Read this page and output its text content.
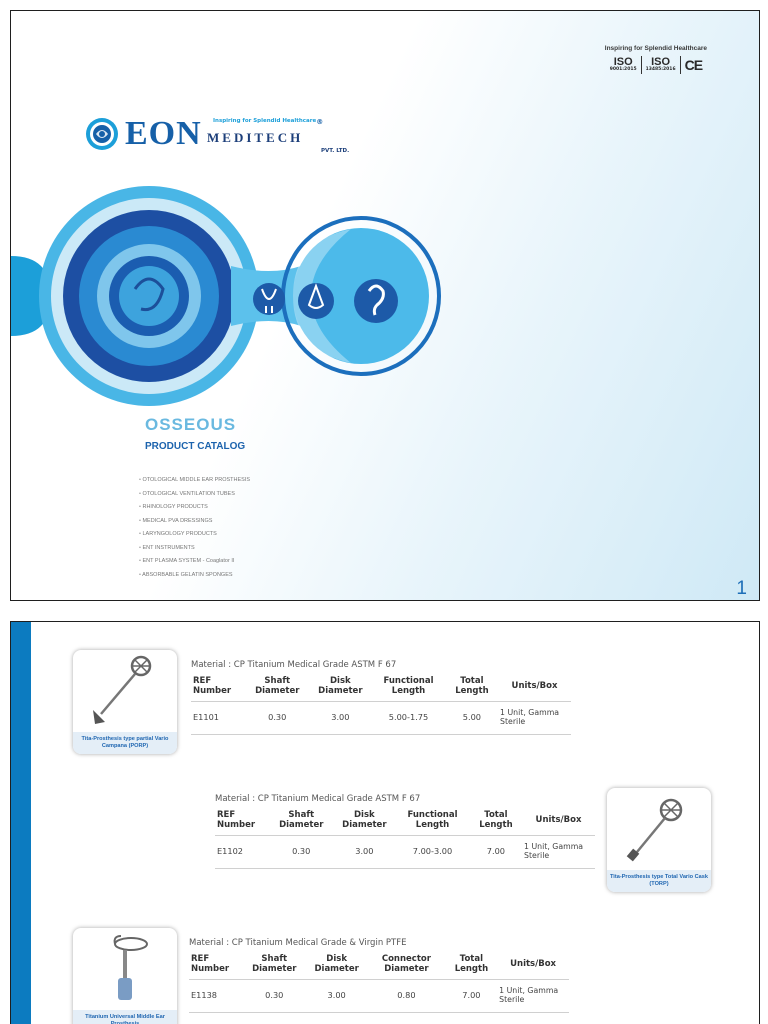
Inspiring for Splendid Healthcare
ISO
9001:2015
ISO
13485:2016 CE
EON Inspiring for Splendid Healthcare®
MEDITECH
PVT. LTD.
OSSEOUS
PRODUCT CATALOG
• OTOLOGICAL MIDDLE EAR PROSTHESIS
• OTOLOGICAL VENTILATION TUBES
• RHINOLOGY PRODUCTS
• MEDICAL PVA DRESSINGS
• LARYNGOLOGY PRODUCTS
• ENT INSTRUMENTS
• ENT PLASMA SYSTEM - Coaglator II
• ABSORBABLE GELATIN SPONGES
1
Tita-Prosthesis type partial Vario Campana (PORP)
Material : CP Titanium Medical Grade ASTM F 67
REF Number	Shaft Diameter	Disk Diameter	Functional Length	Total Length	Units/Box
E1101	0.30	3.00	5.00-1.75	5.00	1 Unit, Gamma Sterile
Material : CP Titanium Medical Grade ASTM F 67
REF Number	Shaft Diameter	Disk Diameter	Functional Length	Total Length	Units/Box
E1102	0.30	3.00	7.00-3.00	7.00	1 Unit, Gamma Sterile
Tita-Prosthesis type Total Vario Cask (TORP)
Titanium Universal Middle Ear Prosthesis
Material : CP Titanium Medical Grade & Virgin PTFE
REF Number	Shaft Diameter	Disk Diameter	Connector Diameter	Total Length	Units/Box
E1138	0.30	3.00	0.80	7.00	1 Unit, Gamma Sterile
